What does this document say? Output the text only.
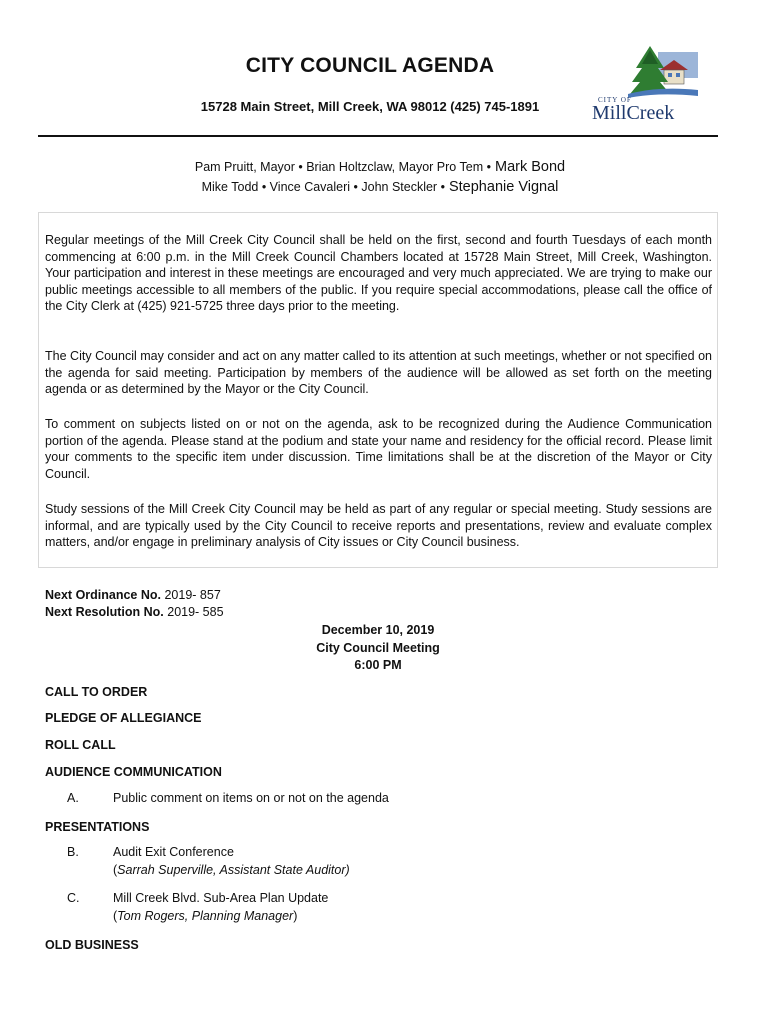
CITY COUNCIL AGENDA
15728 Main Street, Mill Creek, WA 98012 (425) 745-1891	CITY OF
MillCreek
Pam Pruitt, Mayor • Brian Holtzclaw, Mayor Pro Tem • Mark Bond
Mike Todd • Vince Cavaleri • John Steckler • Stephanie Vignal

Regular meetings of the Mill Creek City Council shall be held on the first, second and fourth Tuesdays of each month commencing at 6:00 p.m. in the Mill Creek Council Chambers located at 15728 Main Street, Mill Creek, Washington. Your participation and interest in these meetings are encouraged and very much appreciated. We are trying to make our public meetings accessible to all members of the public. If you require special accommodations, please call the office of the City Clerk at (425) 921-5725 three days prior to the meeting.

The City Council may consider and act on any matter called to its attention at such meetings, whether or not specified on the agenda for said meeting. Participation by members of the audience will be allowed as set forth on the meeting agenda or as determined by the Mayor or the City Council.

To comment on subjects listed on or not on the agenda, ask to be recognized during the Audience Communication portion of the agenda. Please stand at the podium and state your name and residency for the official record. Please limit your comments to the specific item under discussion. Time limitations shall be at the discretion of the Mayor or City Council.

Study sessions of the Mill Creek City Council may be held as part of any regular or special meeting. Study sessions are informal, and are typically used by the City Council to receive reports and presentations, review and evaluate complex matters, and/or engage in preliminary analysis of City issues or City Council business.

Next Ordinance No. 2019- 857
Next Resolution No. 2019- 585
December 10, 2019
City Council Meeting
6:00 PM
CALL TO ORDER
PLEDGE OF ALLEGIANCE
ROLL CALL
AUDIENCE COMMUNICATION
A.	Public comment on items on or not on the agenda
PRESENTATIONS
B.	Audit Exit Conference
(Sarrah Superville, Assistant State Auditor)
C.	Mill Creek Blvd. Sub-Area Plan Update
(Tom Rogers, Planning Manager)
OLD BUSINESS
